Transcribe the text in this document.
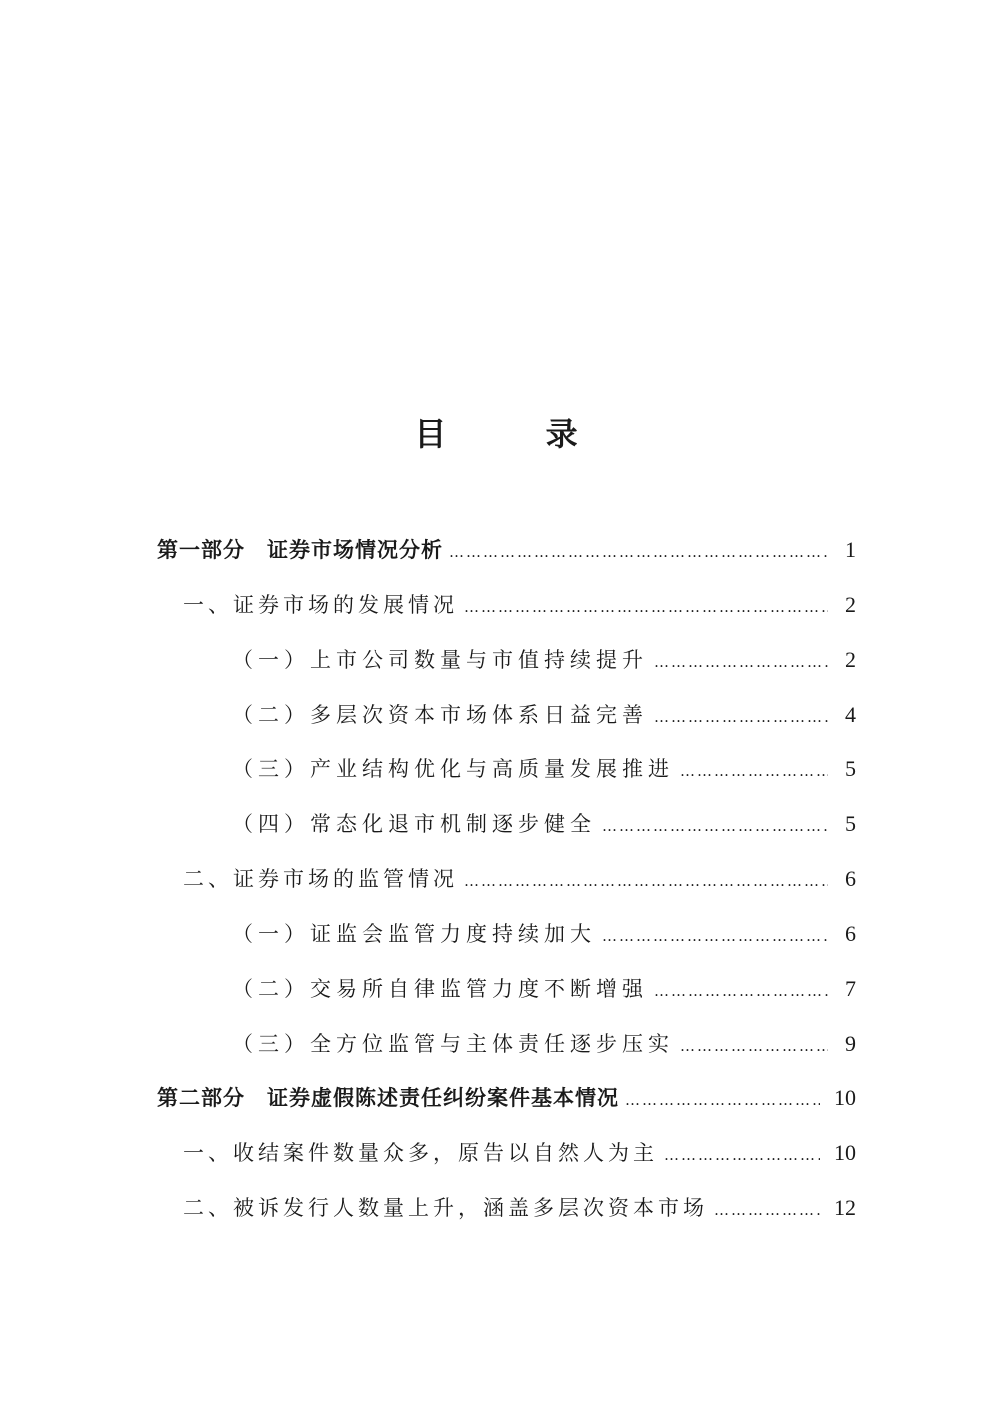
目 录
第一部分　证券市场情况分析 ………………………………………………………………………………………………………………………………	1
一、证券市场的发展情况 ………………………………………………………………………………………………………………………………	2
（一）上市公司数量与市值持续提升 ………………………………………………………………………………………………………………………………	2
（二）多层次资本市场体系日益完善 ………………………………………………………………………………………………………………………………	4
（三）产业结构优化与高质量发展推进 ………………………………………………………………………………………………………………………………	5
（四）常态化退市机制逐步健全 ………………………………………………………………………………………………………………………………	5
二、证券市场的监管情况 ………………………………………………………………………………………………………………………………	6
（一）证监会监管力度持续加大 ………………………………………………………………………………………………………………………………	6
（二）交易所自律监管力度不断增强 ………………………………………………………………………………………………………………………………	7
（三）全方位监管与主体责任逐步压实 ………………………………………………………………………………………………………………………………	9
第二部分　证券虚假陈述责任纠纷案件基本情况 ………………………………………………………………………………………………………………………………	10
一、收结案件数量众多，原告以自然人为主 ………………………………………………………………………………………………………………………………	10
二、被诉发行人数量上升，涵盖多层次资本市场 ………………………………………………………………………………………………………………………………	12
